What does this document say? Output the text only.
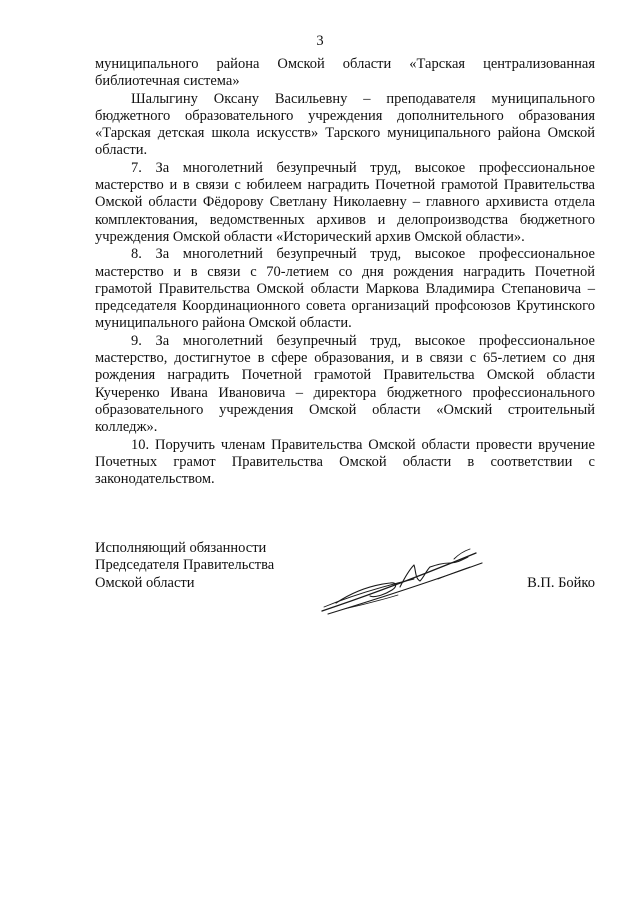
3

муниципального района Омской области «Тарская централизованная библиотечная система»

Шалыгину Оксану Васильевну – преподавателя муниципального бюджетного образовательного учреждения дополнительного образования «Тарская детская школа искусств» Тарского муниципального района Омской области.

7. За многолетний безупречный труд, высокое профессиональное мастерство и в связи с юбилеем наградить Почетной грамотой Правительства Омской области Фёдорову Светлану Николаевну – главного архивиста отдела комплектования, ведомственных архивов и делопроизводства бюджетного учреждения Омской области «Исторический архив Омской области».

8. За многолетний безупречный труд, высокое профессиональное мастерство и в связи с 70-летием со дня рождения наградить Почетной грамотой Правительства Омской области Маркова Владимира Степановича – председателя Координационного совета организаций профсоюзов Крутинского муниципального района Омской области.

9. За многолетний безупречный труд, высокое профессиональное мастерство, достигнутое в сфере образования, и в связи с 65-летием со дня рождения наградить Почетной грамотой Правительства Омской области Кучеренко Ивана Ивановича – директора бюджетного профессионального образовательного учреждения Омской области «Омский строительный колледж».

10. Поручить членам Правительства Омской области провести вручение Почетных грамот Правительства Омской области в соответствии с законодательством.

Исполняющий обязанности
Председателя Правительства
Омской области	В.П. Бойко
